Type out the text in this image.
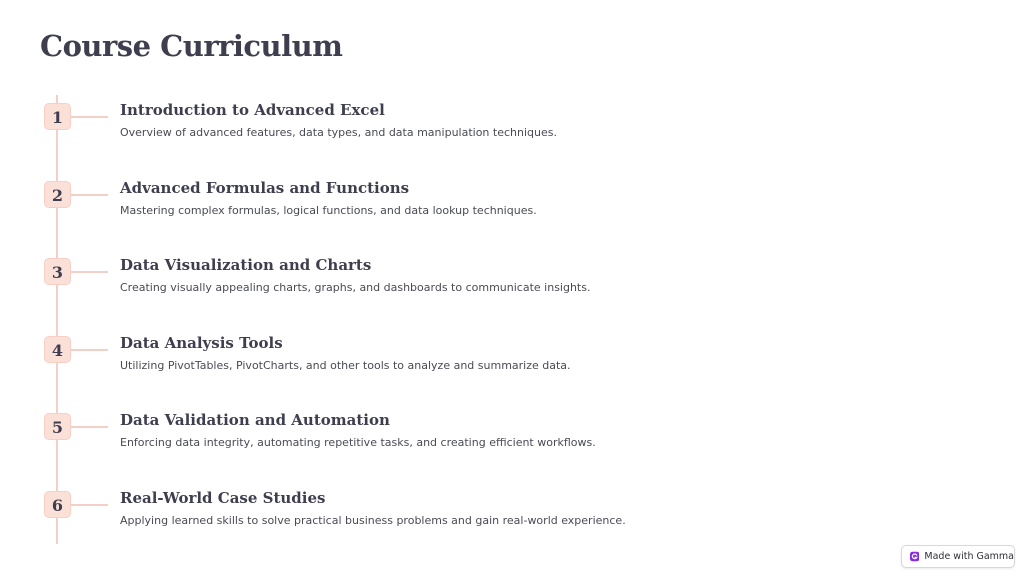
Course Curriculum
1	Introduction to Advanced Excel

Overview of advanced features, data types, and data manipulation techniques.

2	Advanced Formulas and Functions

Mastering complex formulas, logical functions, and data lookup techniques.

3	Data Visualization and Charts

Creating visually appealing charts, graphs, and dashboards to communicate insights.

4	Data Analysis Tools

Utilizing PivotTables, PivotCharts, and other tools to analyze and summarize data.

5	Data Validation and Automation

Enforcing data integrity, automating repetitive tasks, and creating efficient workflows.

6	Real-World Case Studies

Applying learned skills to solve practical business problems and gain real-world experience.

Made with Gamma
